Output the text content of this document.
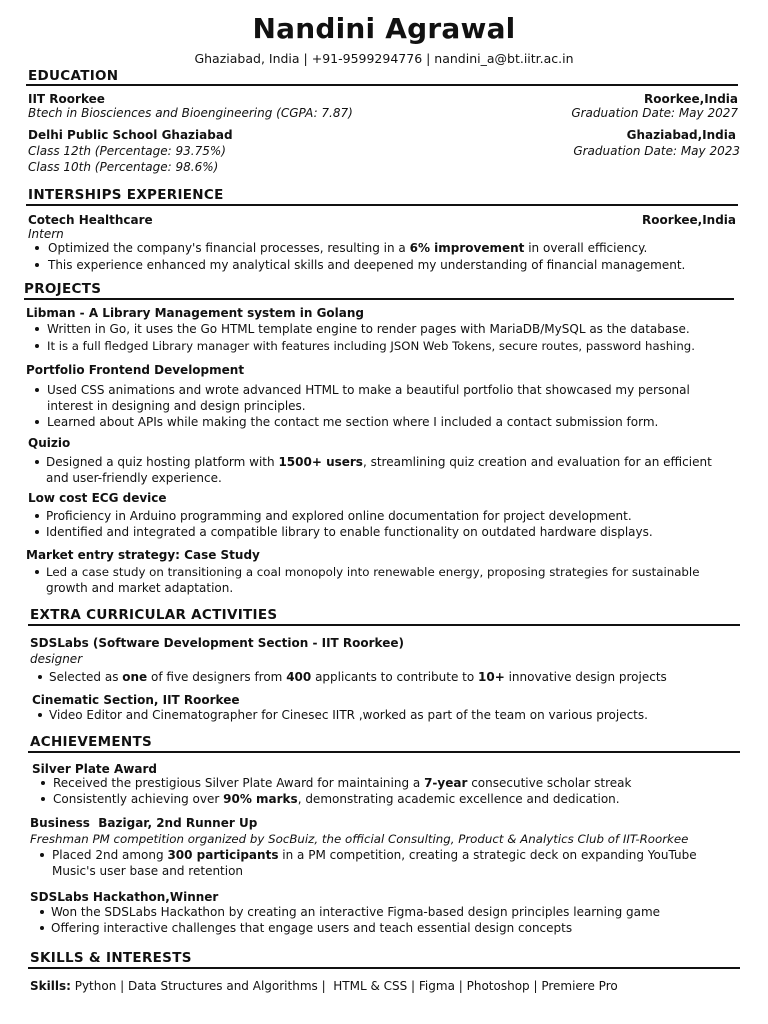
Nandini Agrawal
Ghaziabad, India | +91-9599294776 | nandini_a@bt.iitr.ac.in
EDUCATION
IIT Roorkee	Roorkee,India
Btech in Biosciences and Bioengineering (CGPA: 7.87)	Graduation Date: May 2027
Delhi Public School Ghaziabad	Ghaziabad,India
Class 12th (Percentage: 93.75%)	Graduation Date: May 2023
Class 10th (Percentage: 98.6%)
INTERSHIPS EXPERIENCE
Cotech Healthcare	Roorkee,India
Intern
Optimized the company's financial processes, resulting in a 6% improvement in overall efficiency.
This experience enhanced my analytical skills and deepened my understanding of financial management.
PROJECTS
Libman - A Library Management system in Golang
Written in Go, it uses the Go HTML template engine to render pages with MariaDB/MySQL as the database.
It is a full fledged Library manager with features including JSON Web Tokens, secure routes, password hashing.
Portfolio Frontend Development
Used CSS animations and wrote advanced HTML to make a beautiful portfolio that showcased my personal
interest in designing and design principles.
Learned about APIs while making the contact me section where I included a contact submission form.
Quizio
Designed a quiz hosting platform with 1500+ users, streamlining quiz creation and evaluation for an efficient
and user-friendly experience.
Low cost ECG device
Proficiency in Arduino programming and explored online documentation for project development.
Identified and integrated a compatible library to enable functionality on outdated hardware displays.
Market entry strategy: Case Study
Led a case study on transitioning a coal monopoly into renewable energy, proposing strategies for sustainable
growth and market adaptation.
EXTRA CURRICULAR ACTIVITIES
SDSLabs (Software Development Section - IIT Roorkee)
designer
Selected as one of five designers from 400 applicants to contribute to 10+ innovative design projects
Cinematic Section, IIT Roorkee
Video Editor and Cinematographer for Cinesec IITR ,worked as part of the team on various projects.
ACHIEVEMENTS
Silver Plate Award
Received the prestigious Silver Plate Award for maintaining a 7-year consecutive scholar streak
Consistently achieving over 90% marks, demonstrating academic excellence and dedication.
Business  Bazigar, 2nd Runner Up
Freshman PM competition organized by SocBuiz, the official Consulting, Product & Analytics Club of IIT-Roorkee
Placed 2nd among 300 participants in a PM competition, creating a strategic deck on expanding YouTube
Music's user base and retention
SDSLabs Hackathon,Winner
Won the SDSLabs Hackathon by creating an interactive Figma-based design principles learning game
Offering interactive challenges that engage users and teach essential design concepts
SKILLS & INTERESTS
Skills: Python | Data Structures and Algorithms |  HTML & CSS | Figma | Photoshop | Premiere Pro
